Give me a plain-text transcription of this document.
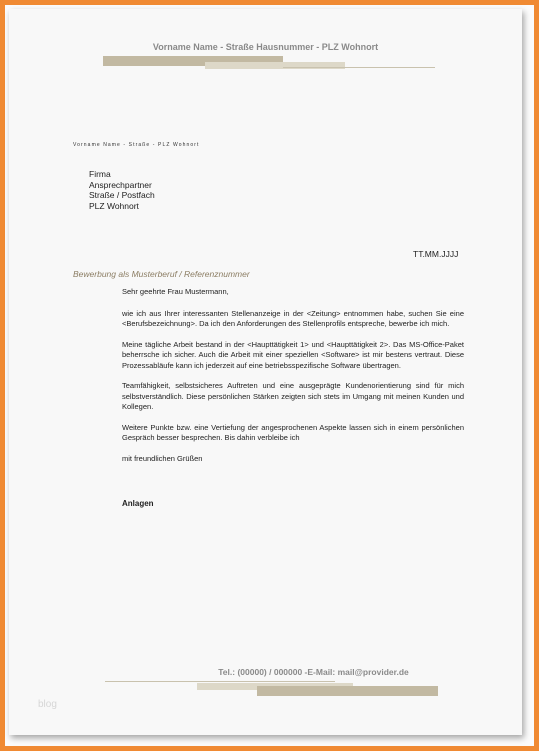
Vorname Name - Straße Hausnummer - PLZ Wohnort
Vorname Name - Straße - PLZ Wohnort
Firma
Ansprechpartner
Straße / Postfach
PLZ Wohnort
TT.MM.JJJJ
Bewerbung als Musterberuf / Referenznummer

Sehr geehrte Frau Mustermann,

wie ich aus Ihrer interessanten Stellenanzeige in der <Zeitung> entnommen habe, suchen Sie eine <Berufsbezeichnung>. Da ich den Anforderungen des Stellenprofils entspreche, bewerbe ich mich.

Meine tägliche Arbeit bestand in der <Haupttätigkeit 1> und <Haupttätigkeit 2>. Das MS-Office-Paket beherrsche ich sicher. Auch die Arbeit mit einer speziellen <Software> ist mir bestens vertraut. Diese Prozessabläufe kann ich jederzeit auf eine betriebsspezifische Software übertragen.

Teamfähigkeit, selbstsicheres Auftreten und eine ausgeprägte Kundenorientierung sind für mich selbstverständlich. Diese persönlichen Stärken zeigten sich stets im Umgang mit meinen Kunden und Kollegen.

Weitere Punkte bzw. eine Vertiefung der angesprochenen Aspekte lassen sich in einem persönlichen Gespräch besser besprechen. Bis dahin verbleibe ich

mit freundlichen Grüßen

Anlagen

Tel.: (00000) / 000000 -E-Mail: mail@provider.de
blog
